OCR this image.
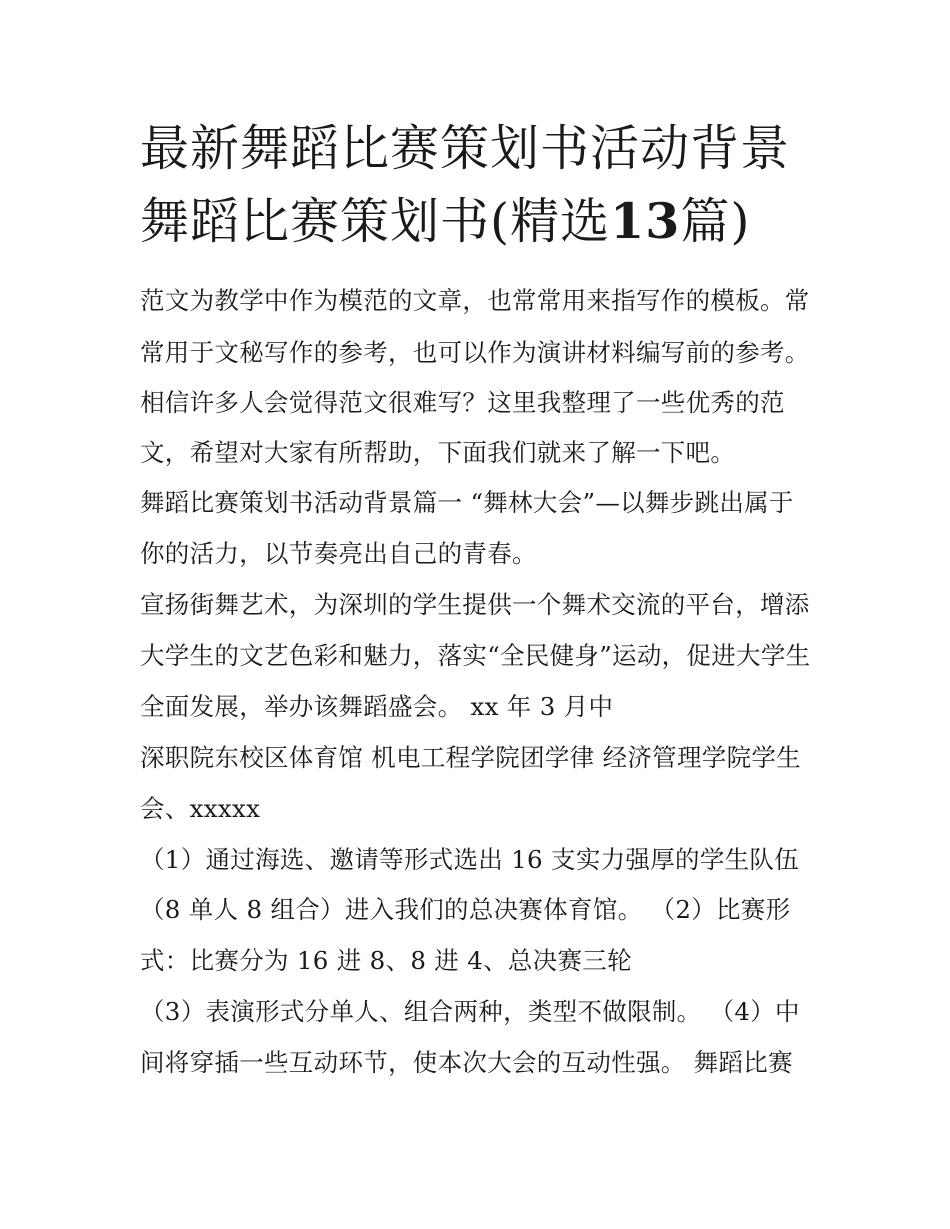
最新舞蹈比赛策划书活动背景
舞蹈比赛策划书(精选13篇)
范文为教学中作为模范的文章，也常常用来指写作的模板。常
常用于文秘写作的参考，也可以作为演讲材料编写前的参考。
相信许多人会觉得范文很难写？这里我整理了一些优秀的范
文，希望对大家有所帮助，下面我们就来了解一下吧。
舞蹈比赛策划书活动背景篇一 “舞林大会”—以舞步跳出属于
你的活力，以节奏亮出自己的青春。
宣扬街舞艺术，为深圳的学生提供一个舞术交流的平台，增添
大学生的文艺色彩和魅力，落实“全民健身”运动，促进大学生
全面发展，举办该舞蹈盛会。 xx 年 3 月中
深职院东校区体育馆 机电工程学院团学律 经济管理学院学生
会、xxxxx
（1）通过海选、邀请等形式选出 16 支实力强厚的学生队伍
（8 单人 8 组合）进入我们的总决赛体育馆。 （2）比赛形
式：比赛分为 16 进 8、8 进 4、总决赛三轮
（3）表演形式分单人、组合两种，类型不做限制。 （4）中
间将穿插一些互动环节，使本次大会的互动性强。 舞蹈比赛
